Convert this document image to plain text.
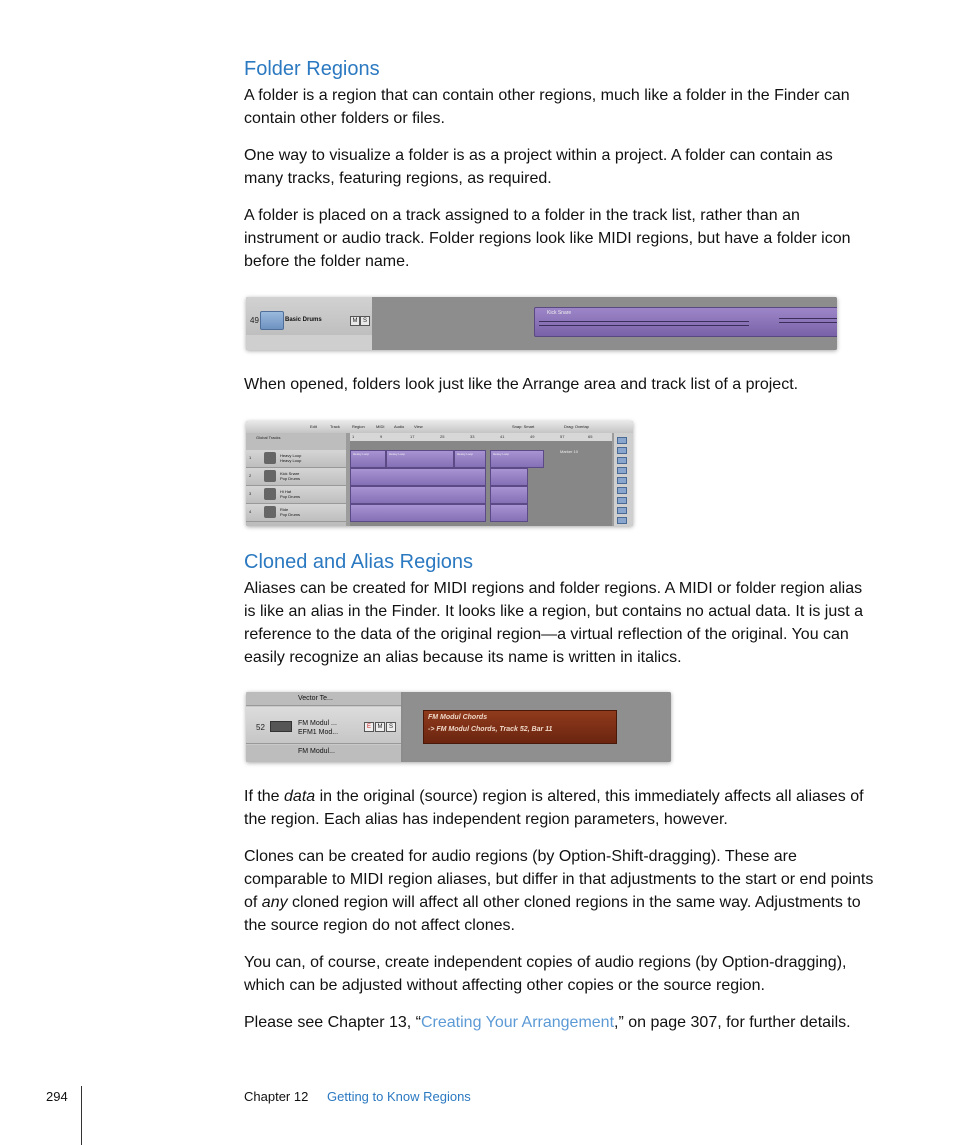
Folder Regions

A folder is a region that can contain other regions, much like a folder in the Finder can contain other folders or files.

One way to visualize a folder is as a project within a project. A folder can contain as many tracks, featuring regions, as required.

A folder is placed on a track assigned to a folder in the track list, rather than an instrument or audio track. Folder regions look like MIDI regions, but have a folder icon before the folder name.

49	Basic Drums	M S
Kick Snare

When opened, folders look just like the Arrange area and track list of a project.

Edit	Track	Region	MIDI Audio View	Snap: Smart	Drag: Overlap
Global Tracks
1	Heavy Loop
Heavy Loop
2	Kick Snare
Pop Drums
3	Hi Hat
Pop Drums
4	Ride
Pop Drums
1	9	17	25	33	41	49	57	65
Marker 10
Heavy Loop	Heavy Loop	Heavy Loop	Heavy Loop
Cloned and Alias Regions

Aliases can be created for MIDI regions and folder regions. A MIDI or folder region alias is like an alias in the Finder. It looks like a region, but contains no actual data. It is just a reference to the data of the original region—a virtual reflection of the original. You can easily recognize an alias because its name is written in italics.

Vector Te...
52	FM Modul ...
EFM1 Mod...
E	M	S
FM Modul...
FM Modul Chords
-> FM Modul Chords, Track 52, Bar 11

If the data in the original (source) region is altered, this immediately affects all aliases of the region. Each alias has independent region parameters, however.

Clones can be created for audio regions (by Option-Shift-dragging). These are comparable to MIDI region aliases, but differ in that adjustments to the start or end points of any cloned region will affect all other cloned regions in the same way. Adjustments to the source region do not affect clones.

You can, of course, create independent copies of audio regions (by Option-dragging), which can be adjusted without affecting other copies or the source region.

Please see Chapter 13, “Creating Your Arrangement,” on page 307, for further details.

294	Chapter 12 Getting to Know Regions
